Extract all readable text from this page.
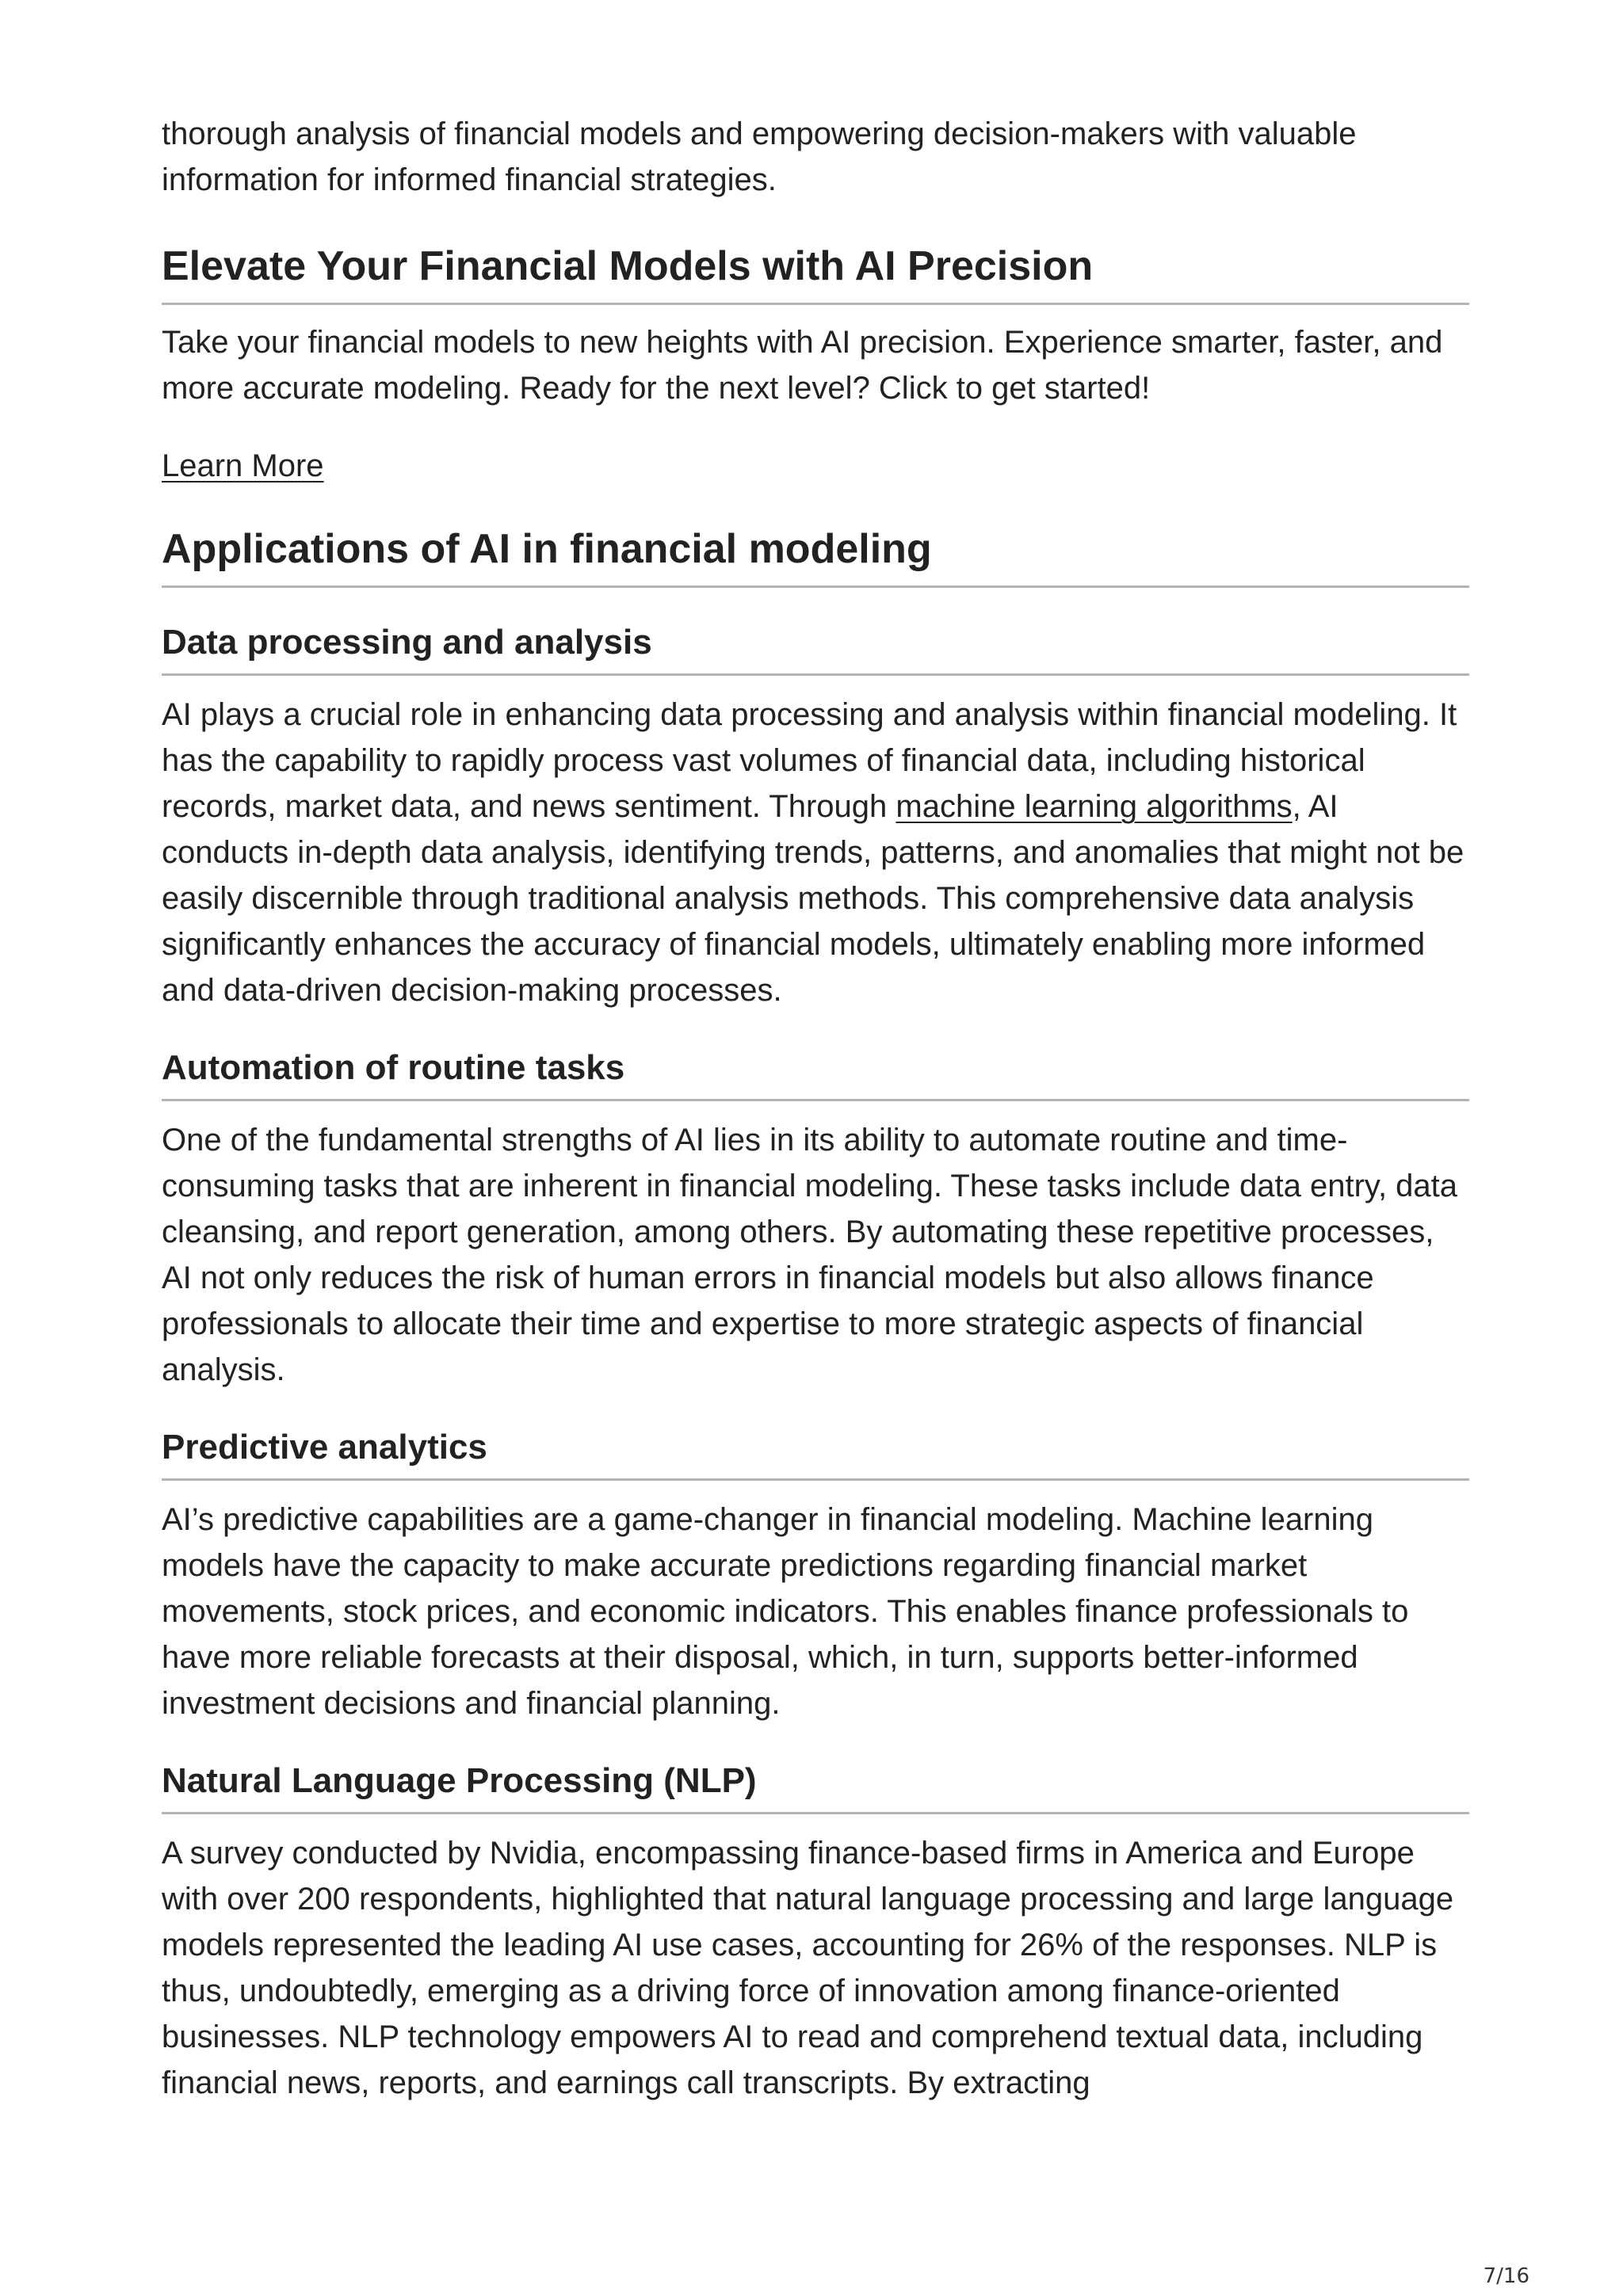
thorough analysis of financial models and empowering decision-makers with valuable information for informed financial strategies.

Elevate Your Financial Models with AI Precision

Take your financial models to new heights with AI precision. Experience smarter, faster, and more accurate modeling. Ready for the next level? Click to get started!

Learn More

Applications of AI in financial modeling
Data processing and analysis

AI plays a crucial role in enhancing data processing and analysis within financial modeling. It has the capability to rapidly process vast volumes of financial data, including historical records, market data, and news sentiment. Through machine learning algorithms, AI conducts in-depth data analysis, identifying trends, patterns, and anomalies that might not be easily discernible through traditional analysis methods. This comprehensive data analysis significantly enhances the accuracy of financial models, ultimately enabling more informed and data-driven decision-making processes.

Automation of routine tasks

One of the fundamental strengths of AI lies in its ability to automate routine and time-consuming tasks that are inherent in financial modeling. These tasks include data entry, data cleansing, and report generation, among others. By automating these repetitive processes, AI not only reduces the risk of human errors in financial models but also allows finance professionals to allocate their time and expertise to more strategic aspects of financial analysis.

Predictive analytics

AI’s predictive capabilities are a game-changer in financial modeling. Machine learning models have the capacity to make accurate predictions regarding financial market movements, stock prices, and economic indicators. This enables finance professionals to have more reliable forecasts at their disposal, which, in turn, supports better-informed investment decisions and financial planning.

Natural Language Processing (NLP)

A survey conducted by Nvidia, encompassing finance-based firms in America and Europe with over 200 respondents, highlighted that natural language processing and large language models represented the leading AI use cases, accounting for 26% of the responses. NLP is thus, undoubtedly, emerging as a driving force of innovation among finance-oriented businesses. NLP technology empowers AI to read and comprehend textual data, including financial news, reports, and earnings call transcripts. By extracting

7/16
